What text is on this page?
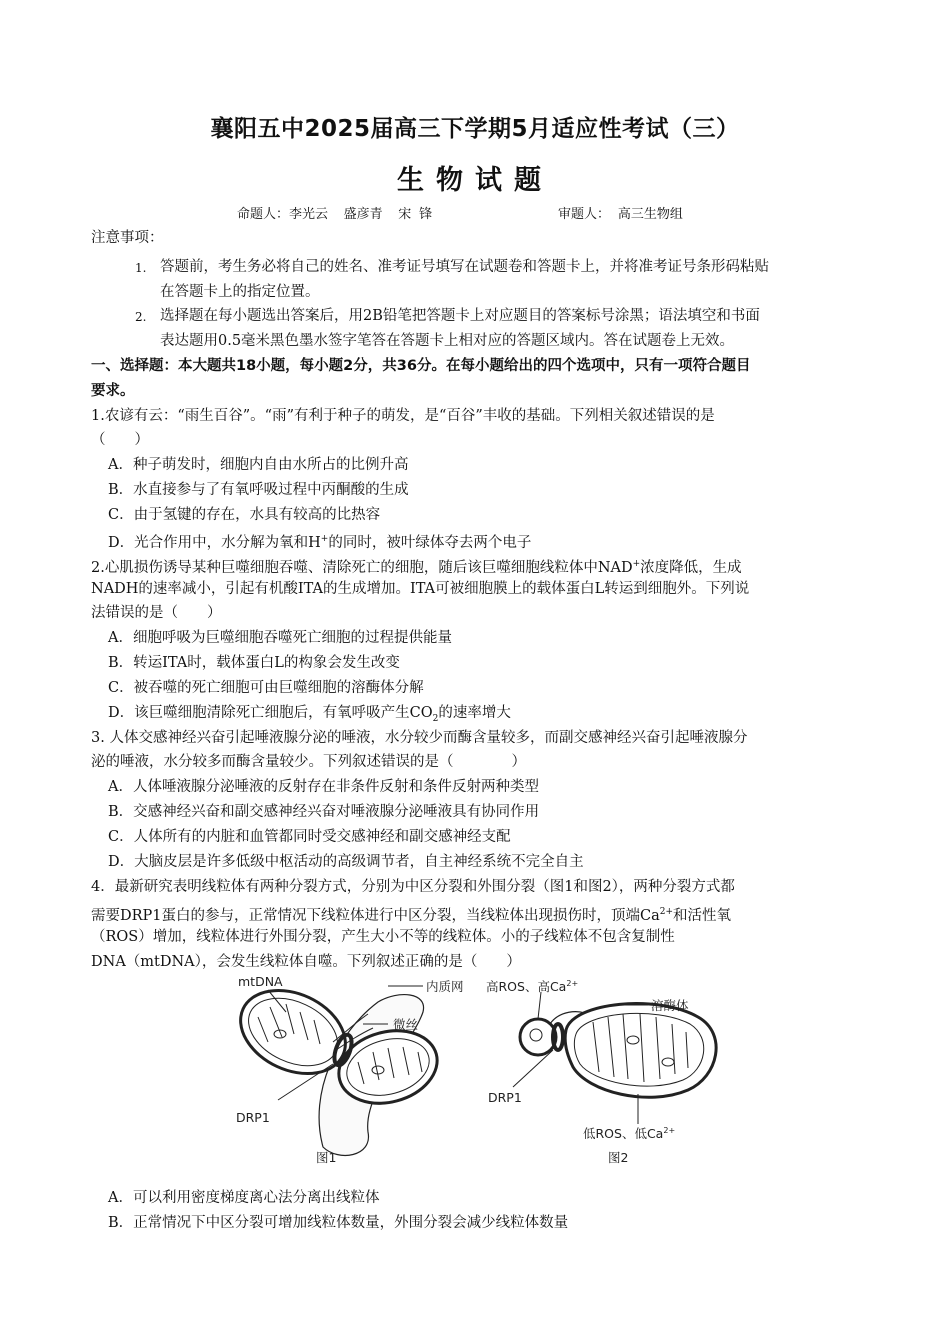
襄阳五中2025届高三下学期5月适应性考试（三）
生物试题
命题人：李光云  盛彦青  宋 锋	审题人： 高三生物组
注意事项：
1. 答题前，考生务必将自己的姓名、准考证号填写在试题卷和答题卡上，并将准考证号条形码粘贴
在答题卡上的指定位置。
2. 选择题在每小题选出答案后，用2B铅笔把答题卡上对应题目的答案标号涂黑；语法填空和书面
表达题用0.5毫米黑色墨水签字笔答在答题卡上相对应的答题区域内。答在试题卷上无效。
一、选择题：本大题共18小题，每小题2分，共36分。在每小题给出的四个选项中，只有一项符合题目
要求。
1.农谚有云：“雨生百谷”。“雨”有利于种子的萌发，是“百谷”丰收的基础。下列相关叙述错误的是
（　　）
A．种子萌发时，细胞内自由水所占的比例升高
B．水直接参与了有氧呼吸过程中丙酮酸的生成
C．由于氢键的存在，水具有较高的比热容
D．光合作用中，水分解为氧和H+的同时，被叶绿体夺去两个电子
2.心肌损伤诱导某种巨噬细胞吞噬、清除死亡的细胞，随后该巨噬细胞线粒体中NAD+浓度降低，生成
NADH的速率减小，引起有机酸ITA的生成增加。ITA可被细胞膜上的载体蛋白L转运到细胞外。下列说
法错误的是（　　）
A．细胞呼吸为巨噬细胞吞噬死亡细胞的过程提供能量
B．转运ITA时，载体蛋白L的构象会发生改变
C．被吞噬的死亡细胞可由巨噬细胞的溶酶体分解
D．该巨噬细胞清除死亡细胞后，有氧呼吸产生$CO_2$的速率增大
3. 人体交感神经兴奋引起唾液腺分泌的唾液，水分较少而酶含量较多，而副交感神经兴奋引起唾液腺分
泌的唾液，水分较多而酶含量较少。下列叙述错误的是（　　　　）
A．人体唾液腺分泌唾液的反射存在非条件反射和条件反射两种类型
B．交感神经兴奋和副交感神经兴奋对唾液腺分泌唾液具有协同作用
C．人体所有的内脏和血管都同时受交感神经和副交感神经支配
D．大脑皮层是许多低级中枢活动的高级调节者，自主神经系统不完全自主
4．最新研究表明线粒体有两种分裂方式，分别为中区分裂和外围分裂（图1和图2），两种分裂方式都
需要DRP1蛋白的参与，正常情况下线粒体进行中区分裂，当线粒体出现损伤时，顶端$Ca^{2+}$和活性氧
（ROS）增加，线粒体进行外围分裂，产生大小不等的线粒体。小的子线粒体不包含复制性
DNA（mtDNA），会发生线粒体自噬。下列叙述正确的是（　　）
mtDNA	内质网
微丝
DRP1
图1
高ROS、高$Ca^{2+}$
溶酶体
DRP1
低ROS、低$Ca^{2+}$
图2
A．可以利用密度梯度离心法分离出线粒体
B．正常情况下中区分裂可增加线粒体数量，外围分裂会减少线粒体数量
